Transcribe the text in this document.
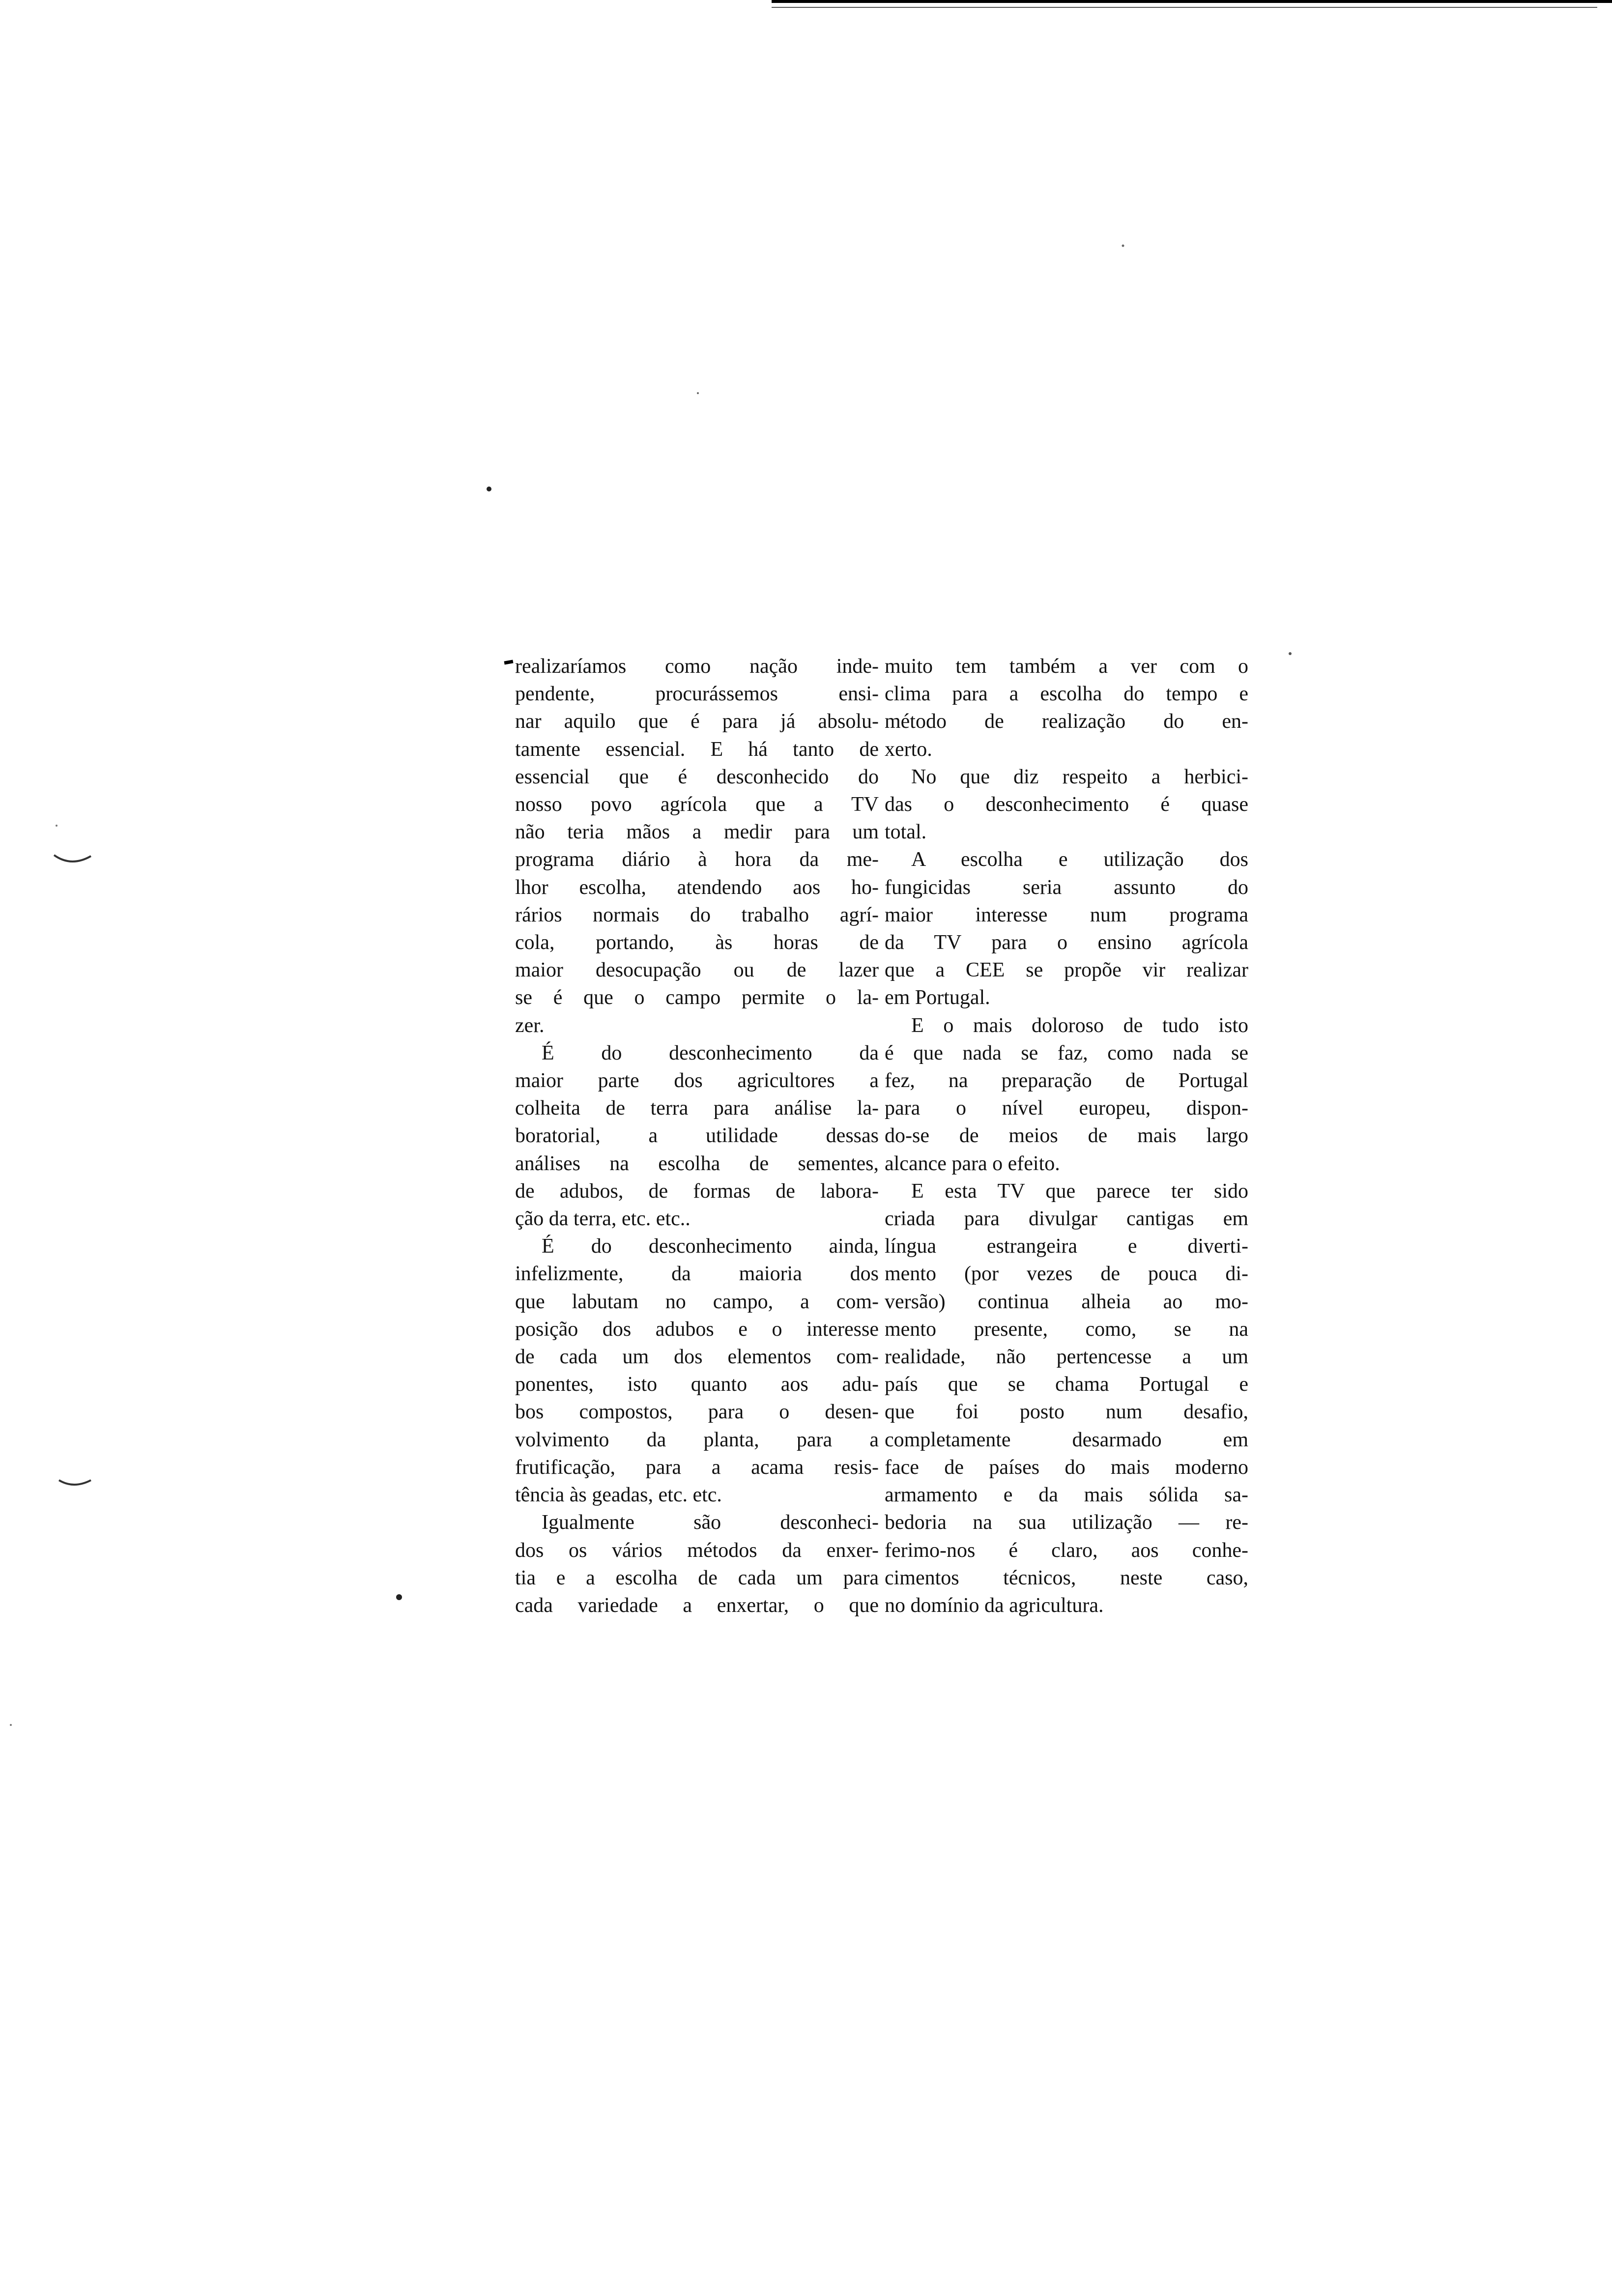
realizaríamos como nação inde-
pendente, procurássemos ensi-
nar aquilo que é para já absolu-
tamente essencial. E há tanto de
essencial que é desconhecido do
nosso povo agrícola que a TV
não teria mãos a medir para um
programa diário à hora da me-
lhor escolha, atendendo aos ho-
rários normais do trabalho agrí-
cola, portando, às horas de
maior desocupação ou de lazer
se é que o campo permite o la-
zer.
É do desconhecimento da
maior parte dos agricultores a
colheita de terra para análise la-
boratorial, a utilidade dessas
análises na escolha de sementes,
de adubos, de formas de labora-
ção da terra, etc. etc..
É do desconhecimento ainda,
infelizmente, da maioria dos
que labutam no campo, a com-
posição dos adubos e o interesse
de cada um dos elementos com-
ponentes, isto quanto aos adu-
bos compostos, para o desen-
volvimento da planta, para a
frutificação, para a acama resis-
tência às geadas, etc. etc.
Igualmente são desconheci-
dos os vários métodos da enxer-
tia e a escolha de cada um para
cada variedade a enxertar, o que
muito tem também a ver com o
clima para a escolha do tempo e
método de realização do en-
xerto.
No que diz respeito a herbici-
das o desconhecimento é quase
total.
A escolha e utilização dos
fungicidas seria assunto do
maior interesse num programa
da TV para o ensino agrícola
que a CEE se propõe vir realizar
em Portugal.
E o mais doloroso de tudo isto
é que nada se faz, como nada se
fez, na preparação de Portugal
para o nível europeu, dispon-
do-se de meios de mais largo
alcance para o efeito.
E esta TV que parece ter sido
criada para divulgar cantigas em
língua estrangeira e diverti-
mento (por vezes de pouca di-
versão) continua alheia ao mo-
mento presente, como, se na
realidade, não pertencesse a um
país que se chama Portugal e
que foi posto num desafio,
completamente desarmado em
face de países do mais moderno
armamento e da mais sólida sa-
bedoria na sua utilização — re-
ferimo-nos é claro, aos conhe-
cimentos técnicos, neste caso,
no domínio da agricultura.
